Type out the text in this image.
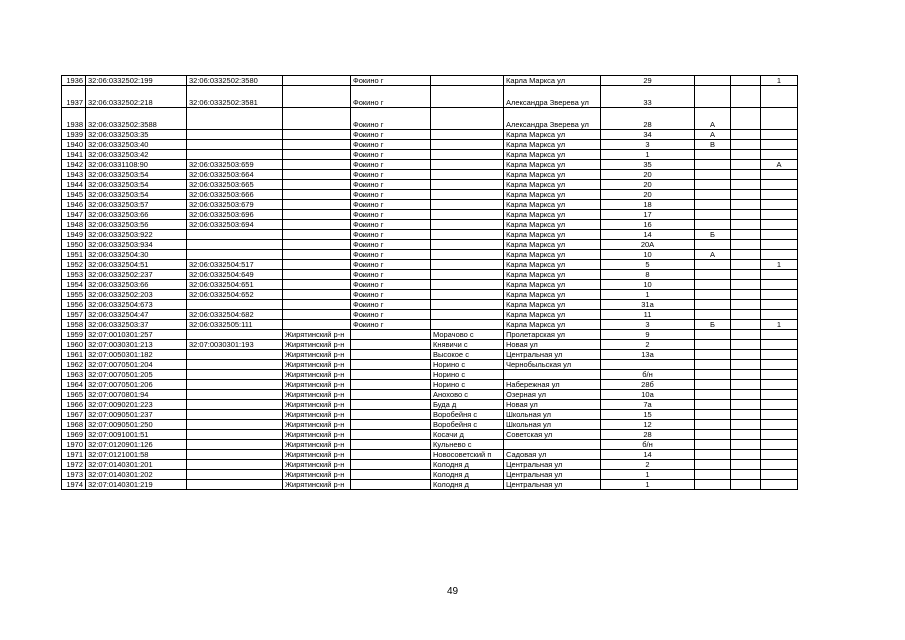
1936	32:06:0332502:199	32:06:0332502:3580		Фокино г		Карла Маркса ул	29			1
1937	32:06:0332502:218	32:06:0332502:3581		Фокино г		Александра Зверева ул	33			
1938	32:06:0332502:3588			Фокино г		Александра Зверева ул	28	А		
1939	32:06:0332503:35			Фокино г		Карла Маркса ул	34	А		
1940	32:06:0332503:40			Фокино г		Карла Маркса ул	3	В		
1941	32:06:0332503:42			Фокино г		Карла Маркса ул	1			
1942	32:06:0331108:90	32:06:0332503:659		Фокино г		Карла Маркса ул	35			А
1943	32:06:0332503:54	32:06:0332503:664		Фокино г		Карла Маркса ул	20			
1944	32:06:0332503:54	32:06:0332503:665		Фокино г		Карла Маркса ул	20			
1945	32:06:0332503:54	32:06:0332503:666		Фокино г		Карла Маркса ул	20			
1946	32:06:0332503:57	32:06:0332503:679		Фокино г		Карла Маркса ул	18			
1947	32:06:0332503:66	32:06:0332503:696		Фокино г		Карла Маркса ул	17			
1948	32:06:0332503:56	32:06:0332503:694		Фокино г		Карла Маркса ул	16			
1949	32:06:0332503:922			Фокино г		Карла Маркса ул	14	Б		
1950	32:06:0332503:934			Фокино г		Карла Маркса ул	20А			
1951	32:06:0332504:30			Фокино г		Карла Маркса ул	10	А		
1952	32:06:0332504:51	32:06:0332504:517		Фокино г		Карла Маркса ул	5			1
1953	32:06:0332502:237	32:06:0332504:649		Фокино г		Карла Маркса ул	8			
1954	32:06:0332503:66	32:06:0332504:651		Фокино г		Карла Маркса ул	10			
1955	32:06:0332502:203	32:06:0332504:652		Фокино г		Карла Маркса ул	1			
1956	32:06:0332504:673			Фокино г		Карла Маркса ул	31а			
1957	32:06:0332504:47	32:06:0332504:682		Фокино г		Карла Маркса ул	11			
1958	32:06:0332503:37	32:06:0332505:111		Фокино г		Карла Маркса ул	3	Б		1
1959	32:07:0010301:257		Жирятинский р-н		Морачово с	Пролетарская ул	9			
1960	32:07:0030301:213	32:07:0030301:193	Жирятинский р-н		Княвичи с	Новая ул	2			
1961	32:07:0050301:182		Жирятинский р-н		Высокое с	Центральная ул	13а			
1962	32:07:0070501:204		Жирятинский р-н		Норино с	Чернобыльская ул				
1963	32:07:0070501:205		Жирятинский р-н		Норино с		б/н			
1964	32:07:0070501:206		Жирятинский р-н		Норино с	Набережная ул	28б			
1965	32:07:0070801:94		Жирятинский р-н		Анохово с	Озерная ул	10а			
1966	32:07:0090201:223		Жирятинский р-н		Буда д	Новая ул	7а			
1967	32:07:0090501:237		Жирятинский р-н		Воробейня с	Школьная ул	15			
1968	32:07:0090501:250		Жирятинский р-н		Воробейня с	Школьная ул	12			
1969	32:07:0091001:51		Жирятинский р-н		Косачи д	Советская ул	28			
1970	32:07:0120901:126		Жирятинский р-н		Кульнево с		б/н			
1971	32:07:0121001:58		Жирятинский р-н		Новосоветский п	Садовая ул	14			
1972	32:07:0140301:201		Жирятинский р-н		Колодня д	Центральная ул	2			
1973	32:07:0140301:202		Жирятинский р-н		Колодня д	Центральная ул	1			
1974	32:07:0140301:219		Жирятинский р-н		Колодня д	Центральная ул	1			
49
